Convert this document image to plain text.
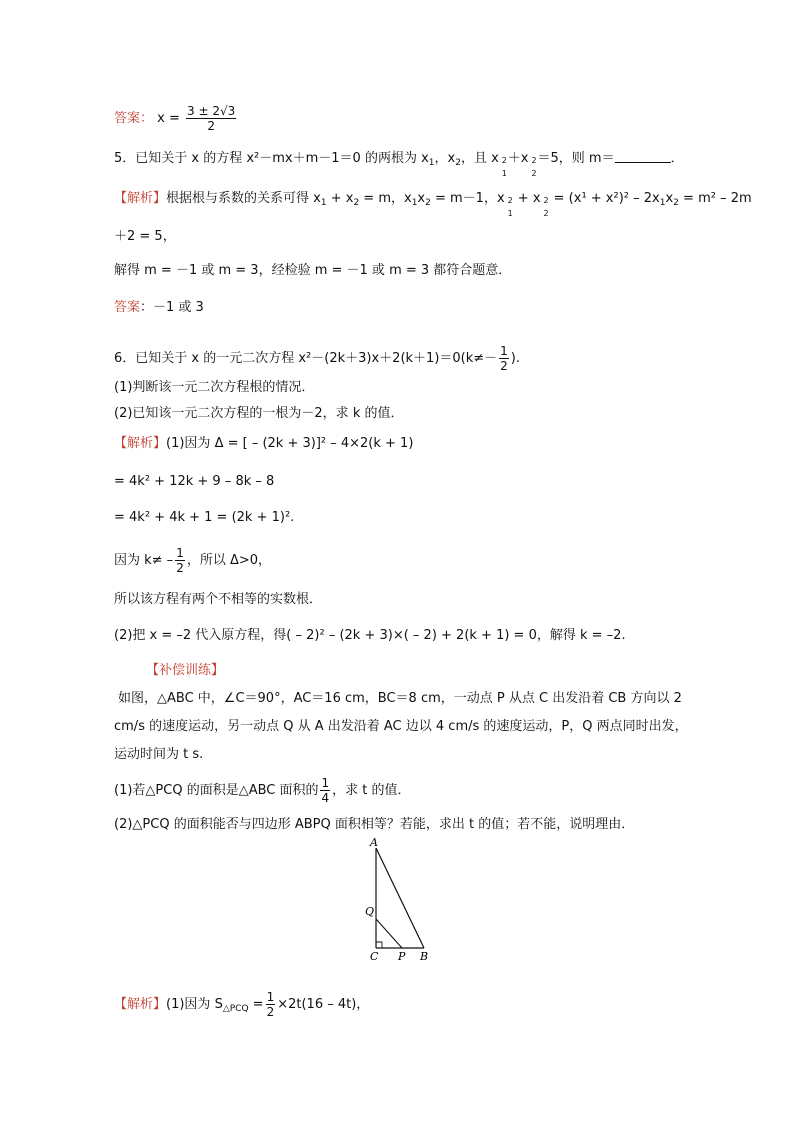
答案： $x = \frac{3 \pm 2√3}{2}$
5．已知关于 x 的方程 x²－mx＋m－1＝0 的两根为 $x_1$，$x_2$，且 x 2
1
＋x 2
2
＝5，则 m＝	．
【解析】根据根与系数的关系可得 $x_1 + x_2 = m$，$x_1x_2 = m-1$，x 2
1
+ x 2
2
= $(x^1 + x^2)^2 - 2x_1x_2 = m^2 - 2m$
＋2 = 5，
解得 m = －1 或 m = 3，经检验 m = －1 或 m = 3 都符合题意．
答案：－1 或 3
6．已知关于 x 的一元二次方程 $x^2-(2k+3)x+2(k+1)=0(k\ne- \frac{1}{2}$ ).
(1)判断该一元二次方程根的情况．
(2)已知该一元二次方程的一根为－2，求 k 的值．
【解析】(1)因为 Δ = [ – (2k + 3)]² – 4×2(k + 1)
= 4k² + 12k + 9 – 8k – 8
= 4k² + 4k + 1 = (2k + 1)².
因为 $k\ne - \frac{1}{2}$ ，所以 Δ>0，
所以该方程有两个不相等的实数根．
(2)把 x = –2 代入原方程，得( – 2)² – (2k + 3)×( – 2) + 2(k + 1) = 0，解得 k = –2.
【补偿训练】
如图，△ABC 中，∠C＝90°，AC＝16 cm，BC＝8 cm，一动点 P 从点 C 出发沿着 CB 方向以 2
cm/s 的速度运动，另一动点 Q 从 A 出发沿着 AC 边以 4 cm/s 的速度运动，P，Q 两点同时出发，
运动时间为 t s.
(1)若△PCQ 的面积是△ABC 面积的 $\frac{1}{4}$ ，求 t 的值．
(2)△PCQ 的面积能否与四边形 ABPQ 面积相等？若能，求出 t 的值；若不能，说明理由．
A
Q
C P B
【解析】(1)因为 $S_{\triangle PCQ} = \frac{1}{2} \times 2t(16 - 4t)$，
